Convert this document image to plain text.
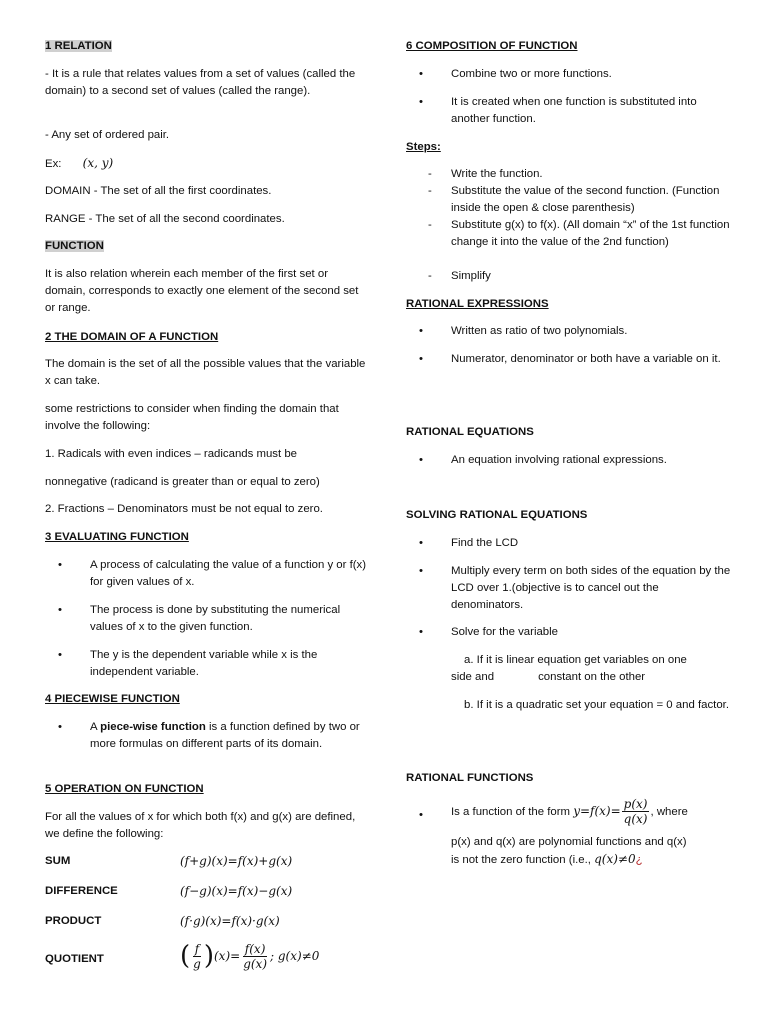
1 RELATION
- It is a rule that relates values from a set of values (called the domain) to a second set of values (called the range).
- Any set of ordered pair.
Ex: (x, y)
DOMAIN - The set of all the first coordinates.
RANGE - The set of all the second coordinates.
FUNCTION
It is also relation wherein each member of the first set or domain, corresponds to exactly one element of the second set or range.
2 THE DOMAIN OF A FUNCTION
The domain is the set of all the possible values that the variable x can take.
some restrictions to consider when finding the domain that involve the following:
1. Radicals with even indices – radicands must be
nonnegative (radicand is greater than or equal to zero)
2. Fractions – Denominators must be not equal to zero.
3 EVALUATING FUNCTION
•	A process of calculating the value of a function y or f(x) for given values of x.
•	The process is done by substituting the numerical values of x to the given function.
•	The y is the dependent variable while x is the independent variable.
4 PIECEWISE FUNCTION
•	A piece-wise function is a function defined by two or more formulas on different parts of its domain.
5 OPERATION ON FUNCTION
For all the values of x for which both f(x) and g(x) are defined, we define the following:
SUM	(f+g)(x)=f(x)+g(x)
DIFFERENCE	(f−g)(x)=f(x)−g(x)
PRODUCT	(f·g)(x)=f(x)·g(x)
QUOTIENT	( $\frac{f}{g} )(x)= \frac{f(x)}{g(x)}$ ; g(x)≠0
6 COMPOSITION OF FUNCTION
•	Combine two or more functions.
•	It is created when one function is substituted into another function.
Steps:
-	Write the function.
-	Substitute the value of the second function. (Function inside the open & close parenthesis)
-	Substitute g(x) to f(x). (All domain “x” of the 1st function change it into the value of the 2nd function)
-	Simplify
RATIONAL EXPRESSIONS
•	Written as ratio of two polynomials.
•	Numerator, denominator or both have a variable on it.
RATIONAL EQUATIONS
•	An equation involving rational expressions.
SOLVING RATIONAL EQUATIONS
•	Find the LCD
•	Multiply every term on both sides of the equation by the LCD over 1.(objective is to cancel out the denominators.
•	Solve for the variable
a. If it is linear equation get variables on one
side and	constant on the other
b. If it is a quadratic set your equation = 0 and factor.
RATIONAL FUNCTIONS
•	Is a function of the form $y=f(x)= \frac{p(x)}{q(x)}$ , where
p(x) and q(x) are polynomial functions and q(x)
is not the zero function (i.e., q(x)≠0¿
